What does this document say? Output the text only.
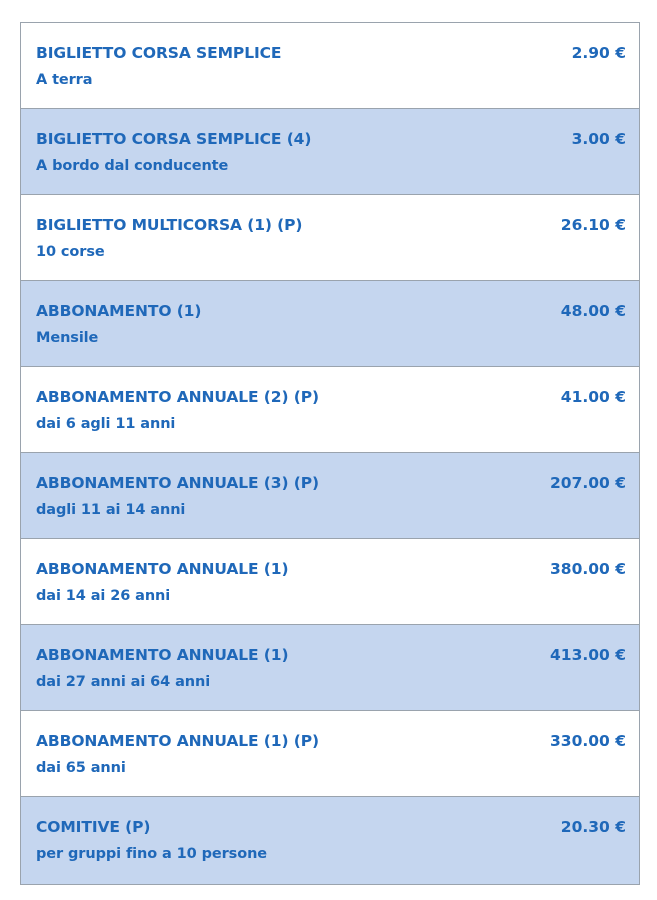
BIGLIETTO CORSA SEMPLICE
A terra
2.90 €
BIGLIETTO CORSA SEMPLICE (4)
A bordo dal conducente
3.00 €
BIGLIETTO MULTICORSA (1) (P)
10 corse
26.10 €
ABBONAMENTO (1)
Mensile
48.00 €
ABBONAMENTO ANNUALE (2) (P)
dai 6 agli 11 anni
41.00 €
ABBONAMENTO ANNUALE (3) (P)
dagli 11 ai 14 anni
207.00 €
ABBONAMENTO ANNUALE (1)
dai 14 ai 26 anni
380.00 €
ABBONAMENTO ANNUALE (1)
dai 27 anni ai 64 anni
413.00 €
ABBONAMENTO ANNUALE (1) (P)
dai 65 anni
330.00 €
COMITIVE (P)
per gruppi fino a 10 persone
20.30 €
